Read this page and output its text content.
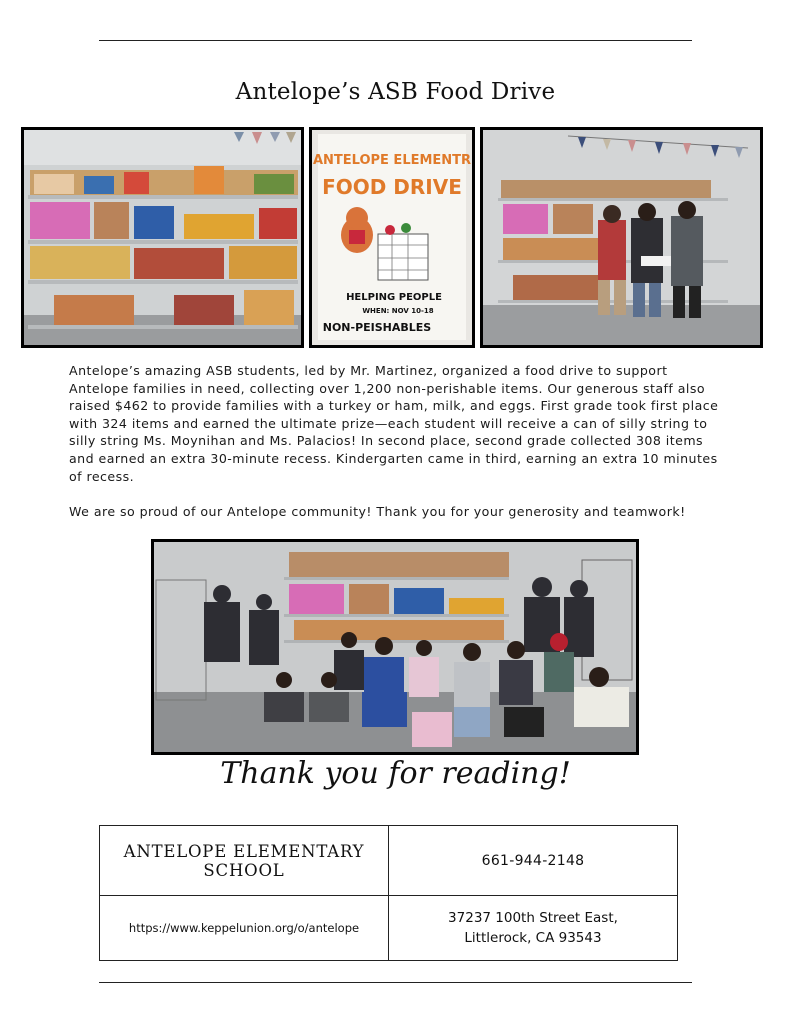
Antelope’s ASB Food Drive
ANTELOPE ELEMENTR
FOOD DRIVE
HELPING PEOPLE
WHEN: NOV 10-18
NON-PEISHABLES

Antelope’s amazing ASB students, led by Mr. Martinez, organized a food drive to support Antelope families in need, collecting over 1,200 non-perishable items. Our generous staff also raised $462 to provide families with a turkey or ham, milk, and eggs. First grade took first place with 324 items and earned the ultimate prize—each student will receive a can of silly string to silly string Ms. Moynihan and Ms. Palacios! In second place, second grade collected 308 items and earned an extra 30-minute recess. Kindergarten came in third, earning an extra 10 minutes of recess.

We are so proud of our Antelope community! Thank you for your generosity and teamwork!

Thank you for reading!
ANTELOPE ELEMENTARY SCHOOL	661-944-2148
https://www.keppelunion.org/o/antelope
37237 100th Street East,
Littlerock, CA 93543
